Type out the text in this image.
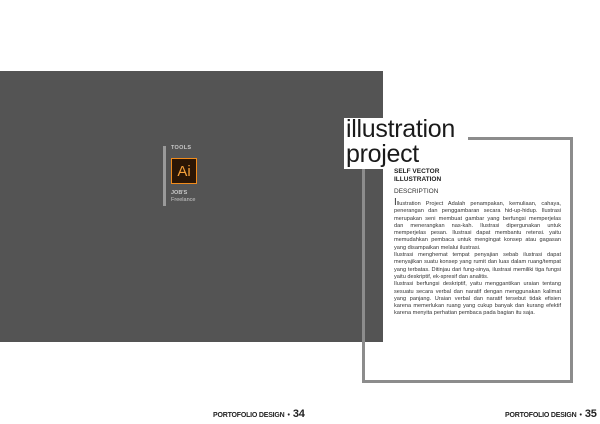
TOOLS
Ai
JOB'S
Freelance
illustration
project
SELF VECTOR
ILLUSTRATION
DESCRIPTION

Illustration Project Adalah penampakan, kemuliaan, cahaya, penerangan dan penggambaran secara hid-up-hidup. Ilustrasi merupakan seni membuat gambar yang berfungsi memperjelas dan menerangkan nas-kah. Ilustrasi dipergunakan untuk memperjelas pesan. Ilustrasi dapat membantu retensi. yaitu memudahkan pembaca untuk mengingat konsep atau gagasan yang disampaikan melalui ilustrasi.

Ilustrasi menghemat tempat penyajian sebab ilustrasi dapat menyajikan suatu konsep yang rumit dan luas dalam ruang/tempat yang terbatas. Ditinjau dari fung-sinya, ilustrasi memiliki tiga fungsi yaitu deskriptif, ek-spresif dan analitis.

Ilustrasi berfungsi deskriptif, yaitu menggantikan uraian tentang sesuatu secara verbal dan naratif dengan menggunakan kalimat yang panjang. Uraian verbal dan naratif tersebut tidak efisien karena memerlukan ruang yang cukup banyak dan kurang efektif karena menyita perhatian pembaca pada bagian itu saja.

PORTOFOLIO DESIGN • 34	PORTOFOLIO DESIGN • 35
